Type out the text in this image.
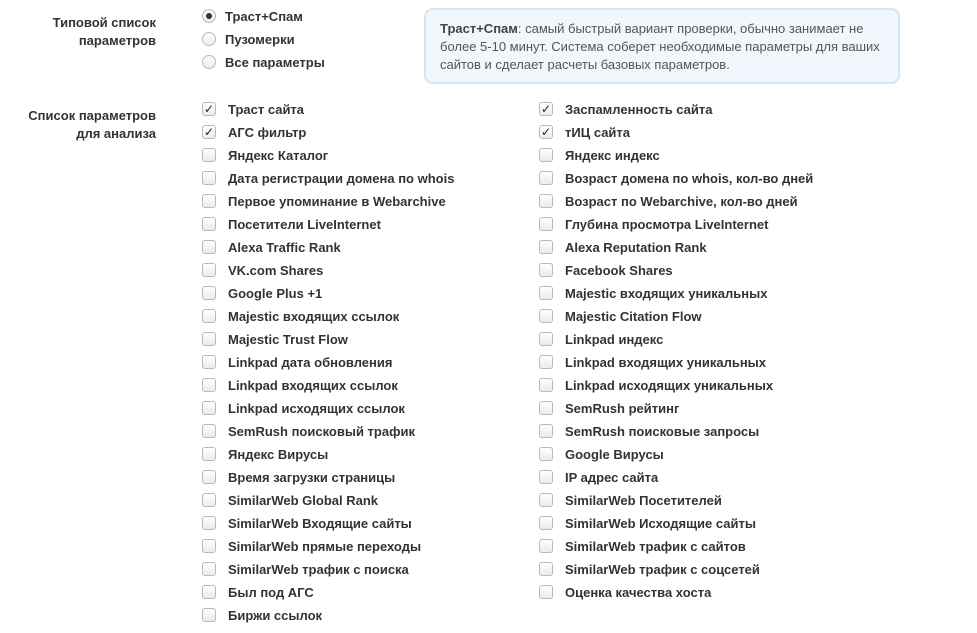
Типовой список
параметров
Траст+Спам
Пузомерки
Все параметры
Траст+Спам: самый быстрый вариант проверки, обычно занимает не более 5-10 минут. Система соберет необходимые параметры для ваших сайтов и сделает расчеты базовых параметров.
Список параметров
для анализа
✓ Траст сайта
✓ АГС фильтр
Яндекс Каталог
Дата регистрации домена по whois
Первое упоминание в Webarchive
Посетители LiveInternet
Alexa Traffic Rank
VK.com Shares
Google Plus +1
Majestic входящих ссылок
Majestic Trust Flow
Linkpad дата обновления
Linkpad входящих ссылок
Linkpad исходящих ссылок
SemRush поисковый трафик
Яндекс Вирусы
Время загрузки страницы
SimilarWeb Global Rank
SimilarWeb Входящие сайты
SimilarWeb прямые переходы
SimilarWeb трафик с поиска
Был под АГС
Биржи ссылок
✓ Заспамленность сайта
✓ тИЦ сайта
Яндекс индекс
Возраст домена по whois, кол-во дней
Возраст по Webarchive, кол-во дней
Глубина просмотра LiveInternet
Alexa Reputation Rank
Facebook Shares
Majestic входящих уникальных
Majestic Citation Flow
Linkpad индекс
Linkpad входящих уникальных
Linkpad исходящих уникальных
SemRush рейтинг
SemRush поисковые запросы
Google Вирусы
IP адрес сайта
SimilarWeb Посетителей
SimilarWeb Исходящие сайты
SimilarWeb трафик с сайтов
SimilarWeb трафик с соцсетей
Оценка качества хоста
